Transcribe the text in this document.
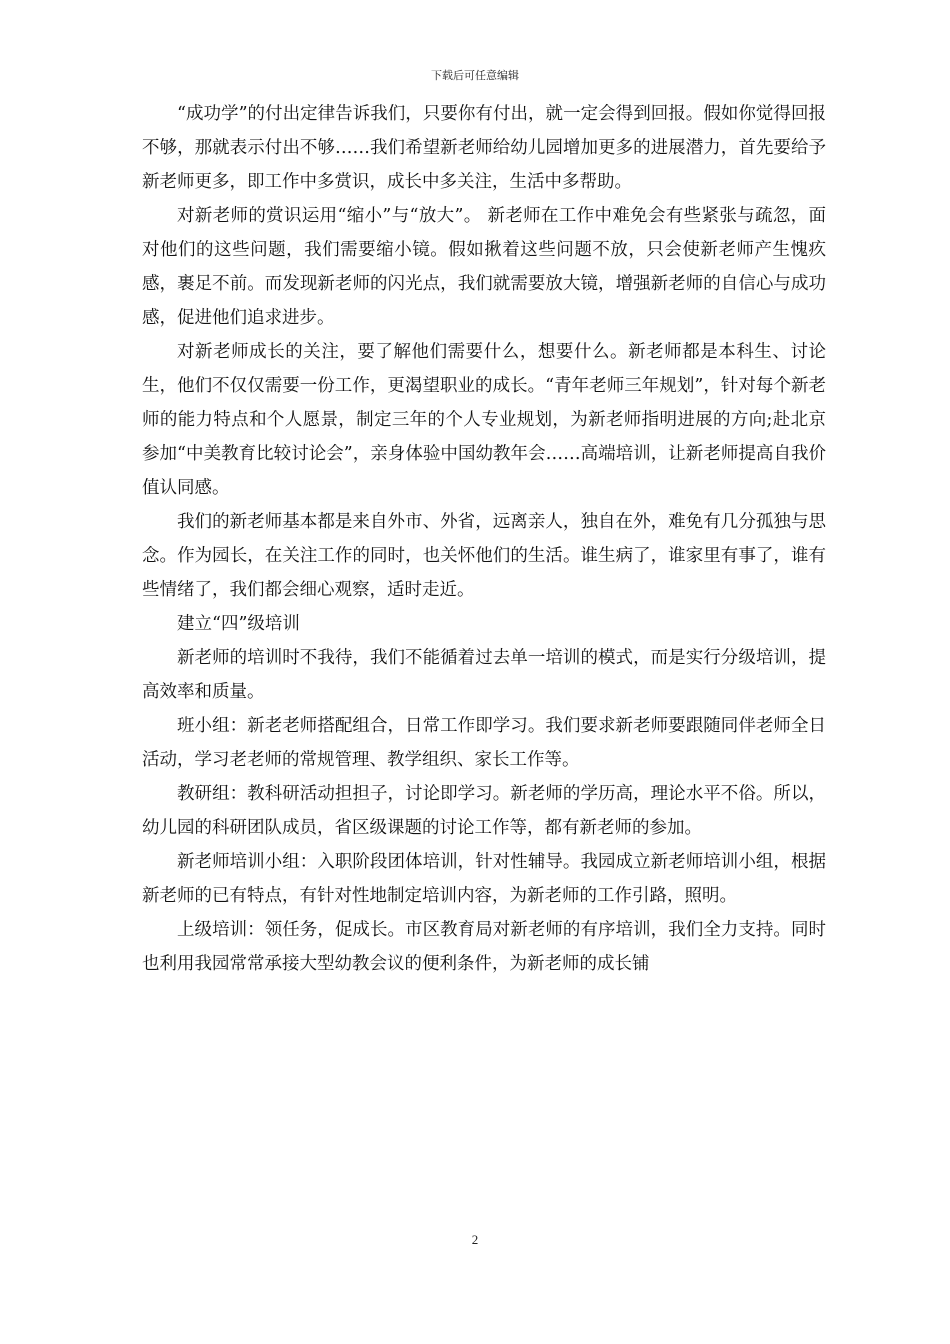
下载后可任意编辑

“成功学”的付出定律告诉我们，只要你有付出，就一定会得到回报。假如你觉得回报不够，那就表示付出不够……我们希望新老师给幼儿园增加更多的进展潜力，首先要给予新老师更多，即工作中多赏识，成长中多关注，生活中多帮助。

对新老师的赏识运用“缩小”与“放大”。 新老师在工作中难免会有些紧张与疏忽，面对他们的这些问题，我们需要缩小镜。假如揪着这些问题不放，只会使新老师产生愧疚感，裹足不前。而发现新老师的闪光点，我们就需要放大镜，增强新老师的自信心与成功感，促进他们追求进步。

对新老师成长的关注，要了解他们需要什么，想要什么。新老师都是本科生、讨论生，他们不仅仅需要一份工作，更渴望职业的成长。“青年老师三年规划”，针对每个新老师的能力特点和个人愿景，制定三年的个人专业规划，为新老师指明进展的方向;赴北京参加“中美教育比较讨论会”，亲身体验中国幼教年会……高端培训，让新老师提高自我价值认同感。

我们的新老师基本都是来自外市、外省，远离亲人，独自在外，难免有几分孤独与思念。作为园长，在关注工作的同时，也关怀他们的生活。谁生病了，谁家里有事了，谁有些情绪了，我们都会细心观察，适时走近。

建立“四”级培训

新老师的培训时不我待，我们不能循着过去单一培训的模式，而是实行分级培训，提高效率和质量。

班小组：新老老师搭配组合，日常工作即学习。我们要求新老师要跟随同伴老师全日活动，学习老老师的常规管理、教学组织、家长工作等。

教研组：教科研活动担担子，讨论即学习。新老师的学历高，理论水平不俗。所以，幼儿园的科研团队成员，省区级课题的讨论工作等，都有新老师的参加。

新老师培训小组：入职阶段团体培训，针对性辅导。我园成立新老师培训小组，根据新老师的已有特点，有针对性地制定培训内容，为新老师的工作引路，照明。

上级培训：领任务，促成长。市区教育局对新老师的有序培训，我们全力支持。同时也利用我园常常承接大型幼教会议的便利条件，为新老师的成长铺

2
